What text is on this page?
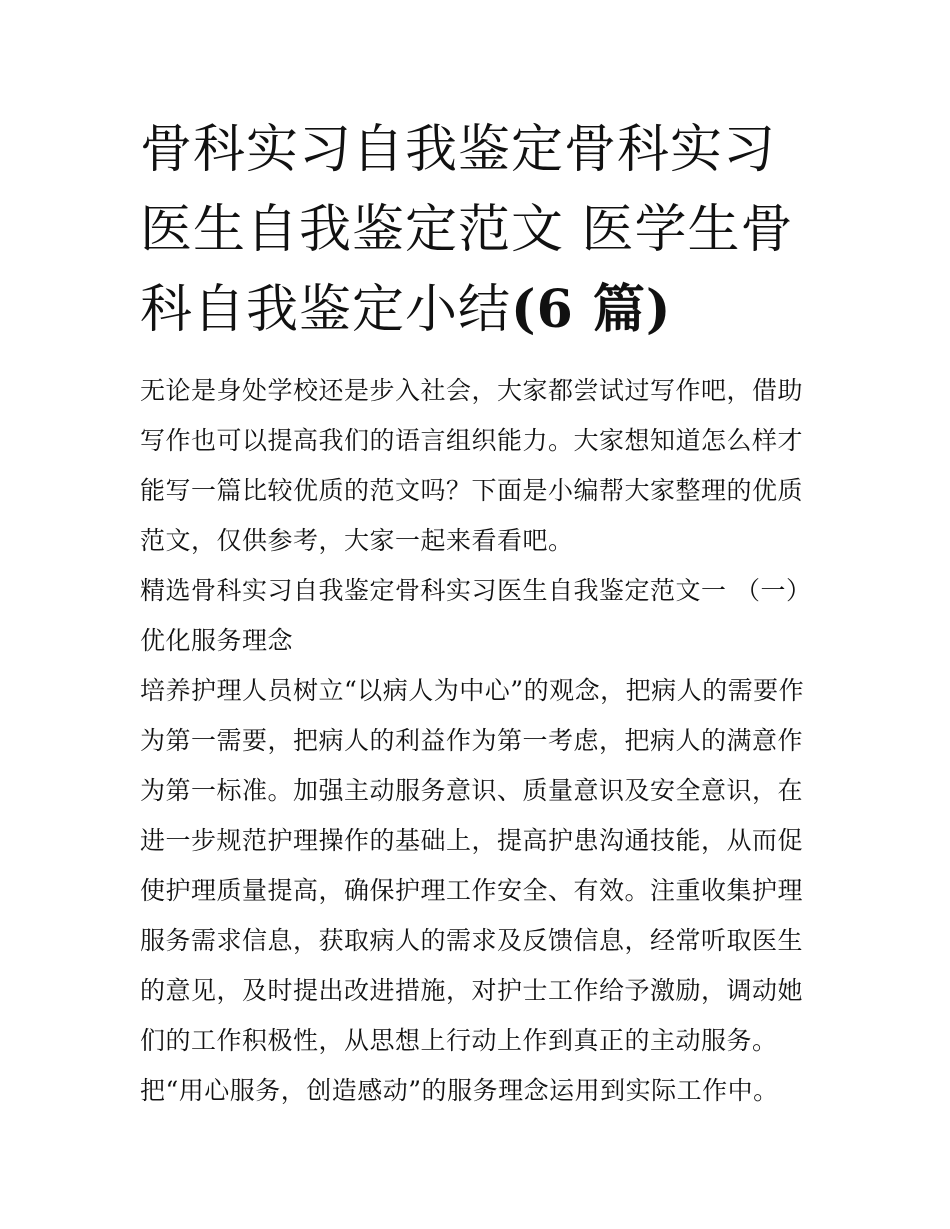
骨科实习自我鉴定骨科实习医生自我鉴定范文 医学生骨科自我鉴定小结(6 篇)

无论是身处学校还是步入社会，大家都尝试过写作吧，借助写作也可以提高我们的语言组织能力。大家想知道怎么样才能写一篇比较优质的范文吗？下面是小编帮大家整理的优质范文，仅供参考，大家一起来看看吧。

精选骨科实习自我鉴定骨科实习医生自我鉴定范文一 （一）

优化服务理念

培养护理人员树立“以病人为中心”的观念，把病人的需要作为第一需要，把病人的利益作为第一考虑，把病人的满意作为第一标准。加强主动服务意识、质量意识及安全意识，在进一步规范护理操作的基础上，提高护患沟通技能，从而促使护理质量提高，确保护理工作安全、有效。注重收集护理服务需求信息，获取病人的需求及反馈信息，经常听取医生的意见，及时提出改进措施，对护士工作给予激励，调动她们的工作积极性，从思想上行动上作到真正的主动服务。把“用心服务，创造感动”的服务理念运用到实际工作中。
